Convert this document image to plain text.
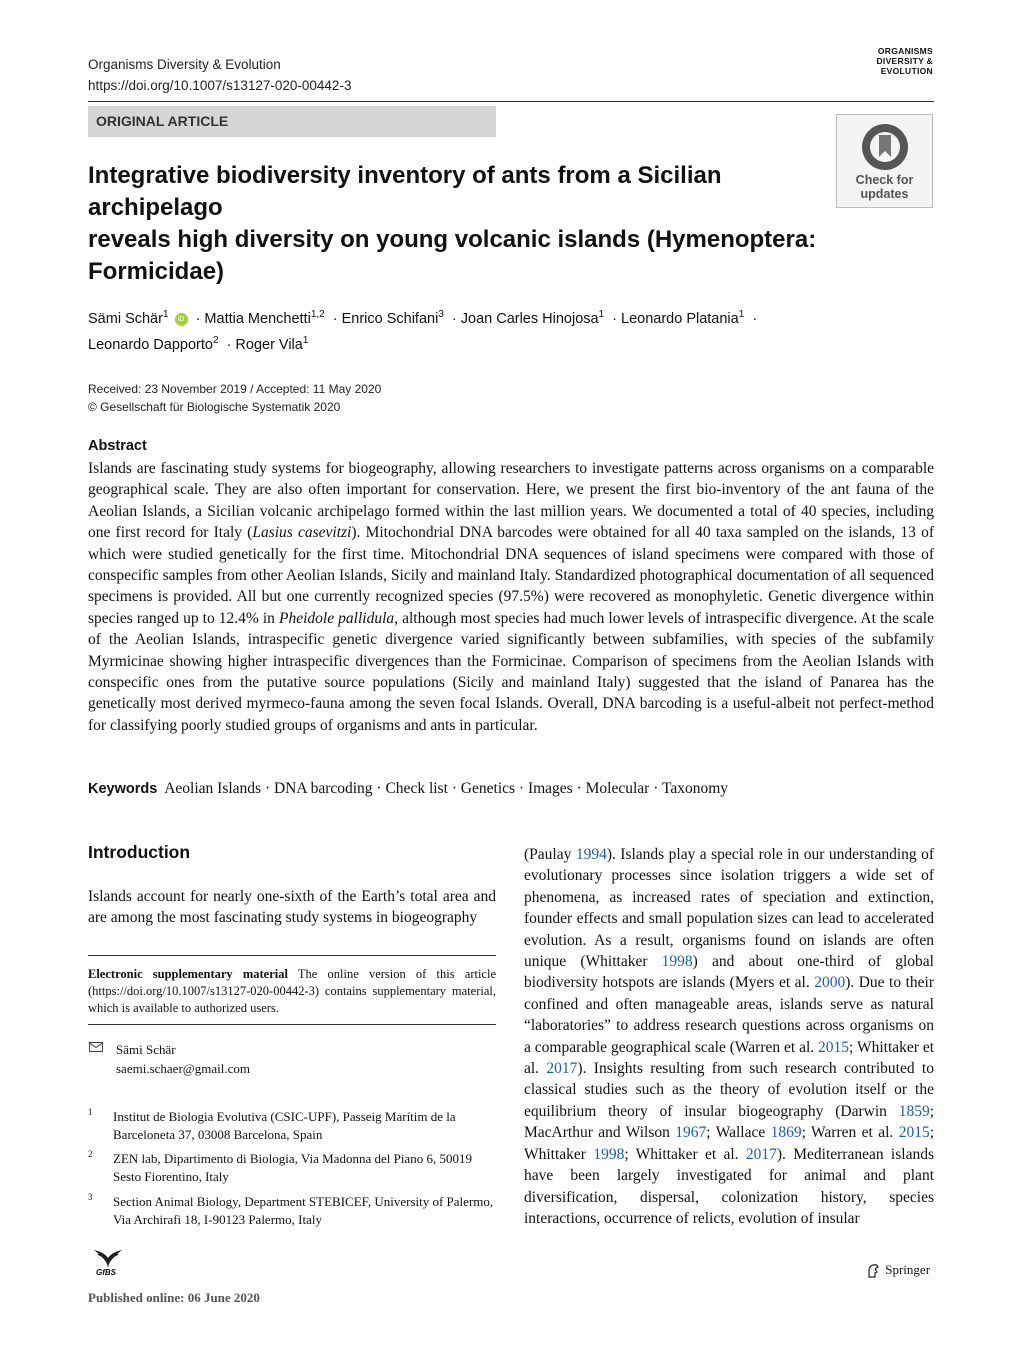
Organisms Diversity & Evolution
https://doi.org/10.1007/s13127-020-00442-3
ORGANISMS
DIVERSITY &
EVOLUTION
ORIGINAL ARTICLE
Check for
updates
Integrative biodiversity inventory of ants from a Sicilian archipelago
reveals high diversity on young volcanic islands (Hymenoptera:
Formicidae)
Sämi Schär$^1$ iD · Mattia Menchetti$^{1,2}$ · Enrico Schifani$^3$ · Joan Carles Hinojosa$^1$ · Leonardo Platania$^1$ ·
Leonardo Dapporto$^2$ · Roger Vila$^1$
Received: 23 November 2019 / Accepted: 11 May 2020
© Gesellschaft für Biologische Systematik 2020
Abstract
Islands are fascinating study systems for biogeography, allowing researchers to investigate patterns across organisms on a comparable geographical scale. They are also often important for conservation. Here, we present the first bio-inventory of the ant fauna of the Aeolian Islands, a Sicilian volcanic archipelago formed within the last million years. We documented a total of 40 species, including one first record for Italy (Lasius casevitzi). Mitochondrial DNA barcodes were obtained for all 40 taxa sampled on the islands, 13 of which were studied genetically for the first time. Mitochondrial DNA sequences of island specimens were compared with those of conspecific samples from other Aeolian Islands, Sicily and mainland Italy. Standardized photographical documentation of all sequenced specimens is provided. All but one currently recognized species (97.5%) were recovered as monophyletic. Genetic divergence within species ranged up to 12.4% in Pheidole pallidula, although most species had much lower levels of intraspecific divergence. At the scale of the Aeolian Islands, intraspecific genetic divergence varied significantly between subfamilies, with species of the subfamily Myrmicinae showing higher intraspecific divergences than the Formicinae. Comparison of specimens from the Aeolian Islands with conspecific ones from the putative source populations (Sicily and mainland Italy) suggested that the island of Panarea has the genetically most derived myrmeco-fauna among the seven focal Islands. Overall, DNA barcoding is a useful-albeit not perfect-method for classifying poorly studied groups of organisms and ants in particular.
Keywords Aeolian Islands · DNA barcoding · Check list · Genetics · Images · Molecular · Taxonomy
Introduction
Islands account for nearly one-sixth of the Earth’s total area and are among the most fascinating study systems in biogeography
Electronic supplementary material The online version of this article (https://doi.org/10.1007/s13127-020-00442-3) contains supplementary material, which is available to authorized users.
Sämi Schär
saemi.schaer@gmail.com
1 Institut de Biologia Evolutiva (CSIC-UPF), Passeig Marítim de la Barceloneta 37, 03008 Barcelona, Spain
2 ZEN lab, Dipartimento di Biologia, Via Madonna del Piano 6, 50019 Sesto Fiorentino, Italy
3 Section Animal Biology, Department STEBICEF, University of Palermo, Via Archirafi 18, I-90123 Palermo, Italy
(Paulay 1994). Islands play a special role in our understanding of evolutionary processes since isolation triggers a wide set of phenomena, as increased rates of speciation and extinction, founder effects and small population sizes can lead to accelerated evolution. As a result, organisms found on islands are often unique (Whittaker 1998) and about one-third of global biodiversity hotspots are islands (Myers et al. 2000). Due to their confined and often manageable areas, islands serve as natural “laboratories” to address research questions across organisms on a comparable geographical scale (Warren et al. 2015; Whittaker et al. 2017). Insights resulting from such research contributed to classical studies such as the theory of evolution itself or the equilibrium theory of insular biogeography (Darwin 1859; MacArthur and Wilson 1967; Wallace 1869; Warren et al. 2015; Whittaker 1998; Whittaker et al. 2017). Mediterranean islands have been largely investigated for animal and plant diversification, dispersal, colonization history, species interactions, occurrence of relicts, evolution of insular
GfBS
Published online: 06 June 2020
Springer
